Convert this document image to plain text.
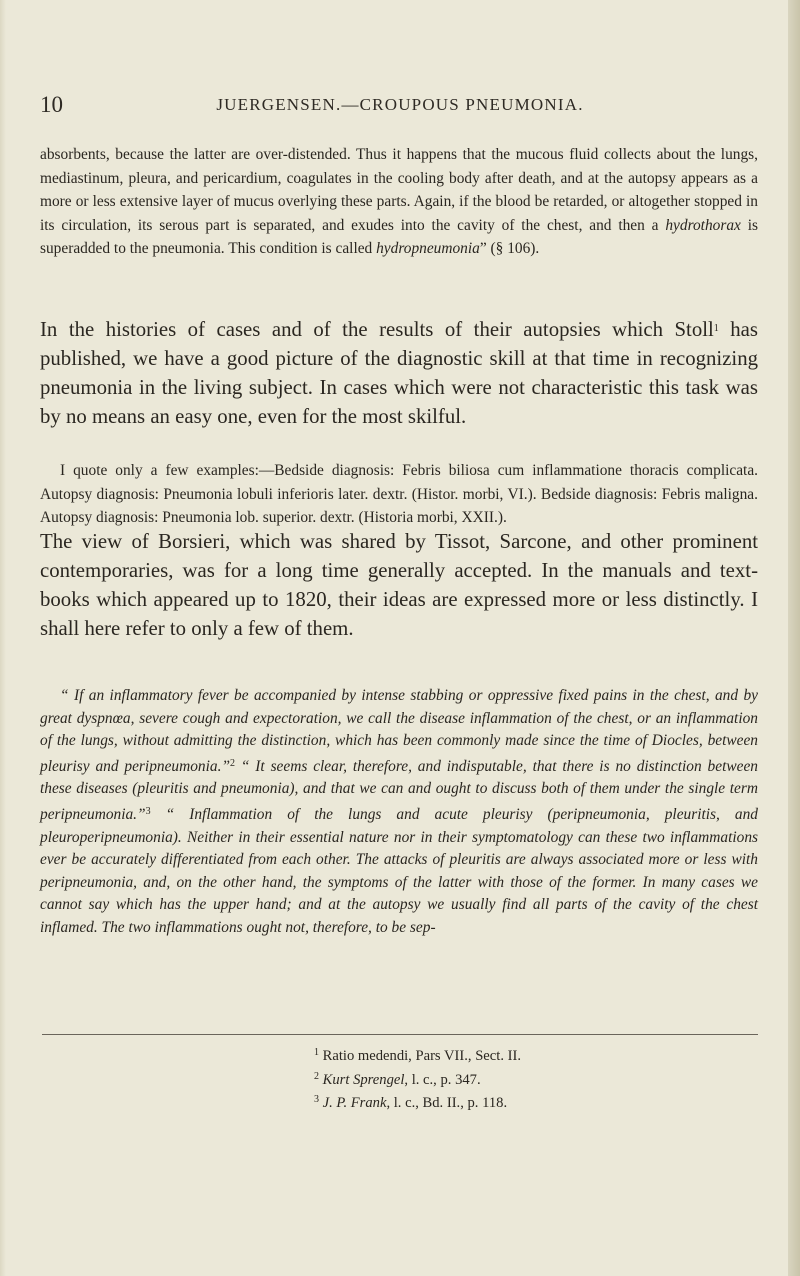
10	JUERGENSEN.—CROUPOUS PNEUMONIA.

absorbents, because the latter are over-distended. Thus it happens that the mucous fluid collects about the lungs, mediastinum, pleura, and pericardium, coagulates in the cooling body after death, and at the autopsy appears as a more or less extensive layer of mucus overlying these parts. Again, if the blood be retarded, or altogether stopped in its circulation, its serous part is separated, and exudes into the cavity of the chest, and then a hydrothorax is superadded to the pneumonia. This condition is called hydropneumonia” (§ 106).

In the histories of cases and of the results of their autopsies which Stoll$^1$ has published, we have a good picture of the diagnostic skill at that time in recognizing pneumonia in the living subject. In cases which were not characteristic this task was by no means an easy one, even for the most skilful.

I quote only a few examples:—Bedside diagnosis: Febris biliosa cum inflammatione thoracis complicata. Autopsy diagnosis: Pneumonia lobuli inferioris later. dextr. (Histor. morbi, VI.). Bedside diagnosis: Febris maligna. Autopsy diagnosis: Pneumonia lob. superior. dextr. (Historia morbi, XXII.).

The view of Borsieri, which was shared by Tissot, Sarcone, and other prominent contemporaries, was for a long time generally accepted. In the manuals and text-books which appeared up to 1820, their ideas are expressed more or less distinctly. I shall here refer to only a few of them.

“ If an inflammatory fever be accompanied by intense stabbing or oppressive fixed pains in the chest, and by great dyspnœa, severe cough and expectoration, we call the disease inflammation of the chest, or an inflammation of the lungs, without admitting the distinction, which has been commonly made since the time of Diocles, between pleurisy and peripneumonia.”$^2$ “ It seems clear, therefore, and indisputable, that there is no distinction between these diseases (pleuritis and pneumonia), and that we can and ought to discuss both of them under the single term peripneumonia.”$^3$ “ Inflammation of the lungs and acute pleurisy (peripneumonia, pleuritis, and pleuroperipneumonia). Neither in their essential nature nor in their symptomatology can these two inflammations ever be accurately differentiated from each other. The attacks of pleuritis are always associated more or less with peripneumonia, and, on the other hand, the symptoms of the latter with those of the former. In many cases we cannot say which has the upper hand; and at the autopsy we usually find all parts of the cavity of the chest inflamed. The two inflammations ought not, therefore, to be sep-

$^1$ Ratio medendi, Pars VII., Sect. II.
$^2$ Kurt Sprengel, l. c., p. 347.
$^3$ J. P. Frank, l. c., Bd. II., p. 118.
